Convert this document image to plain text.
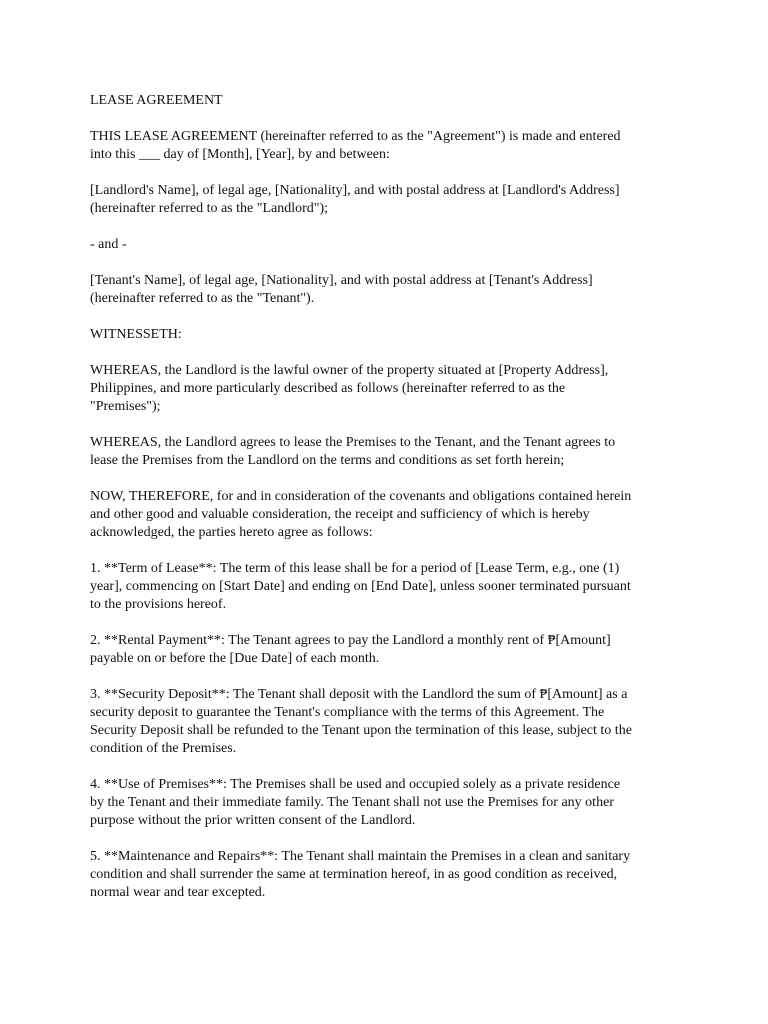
LEASE AGREEMENT

THIS LEASE AGREEMENT (hereinafter referred to as the "Agreement") is made and entered
into this ___ day of [Month], [Year], by and between:

[Landlord's Name], of legal age, [Nationality], and with postal address at [Landlord's Address]
(hereinafter referred to as the "Landlord");

- and -

[Tenant's Name], of legal age, [Nationality], and with postal address at [Tenant's Address]
(hereinafter referred to as the "Tenant").

WITNESSETH:

WHEREAS, the Landlord is the lawful owner of the property situated at [Property Address],
Philippines, and more particularly described as follows (hereinafter referred to as the
"Premises");

WHEREAS, the Landlord agrees to lease the Premises to the Tenant, and the Tenant agrees to
lease the Premises from the Landlord on the terms and conditions as set forth herein;

NOW, THEREFORE, for and in consideration of the covenants and obligations contained herein
and other good and valuable consideration, the receipt and sufficiency of which is hereby
acknowledged, the parties hereto agree as follows:

1. **Term of Lease**: The term of this lease shall be for a period of [Lease Term, e.g., one (1)
year], commencing on [Start Date] and ending on [End Date], unless sooner terminated pursuant
to the provisions hereof.

2. **Rental Payment**: The Tenant agrees to pay the Landlord a monthly rent of ₱[Amount]
payable on or before the [Due Date] of each month.

3. **Security Deposit**: The Tenant shall deposit with the Landlord the sum of ₱[Amount] as a
security deposit to guarantee the Tenant's compliance with the terms of this Agreement. The
Security Deposit shall be refunded to the Tenant upon the termination of this lease, subject to the
condition of the Premises.

4. **Use of Premises**: The Premises shall be used and occupied solely as a private residence
by the Tenant and their immediate family. The Tenant shall not use the Premises for any other
purpose without the prior written consent of the Landlord.

5. **Maintenance and Repairs**: The Tenant shall maintain the Premises in a clean and sanitary
condition and shall surrender the same at termination hereof, in as good condition as received,
normal wear and tear excepted.
